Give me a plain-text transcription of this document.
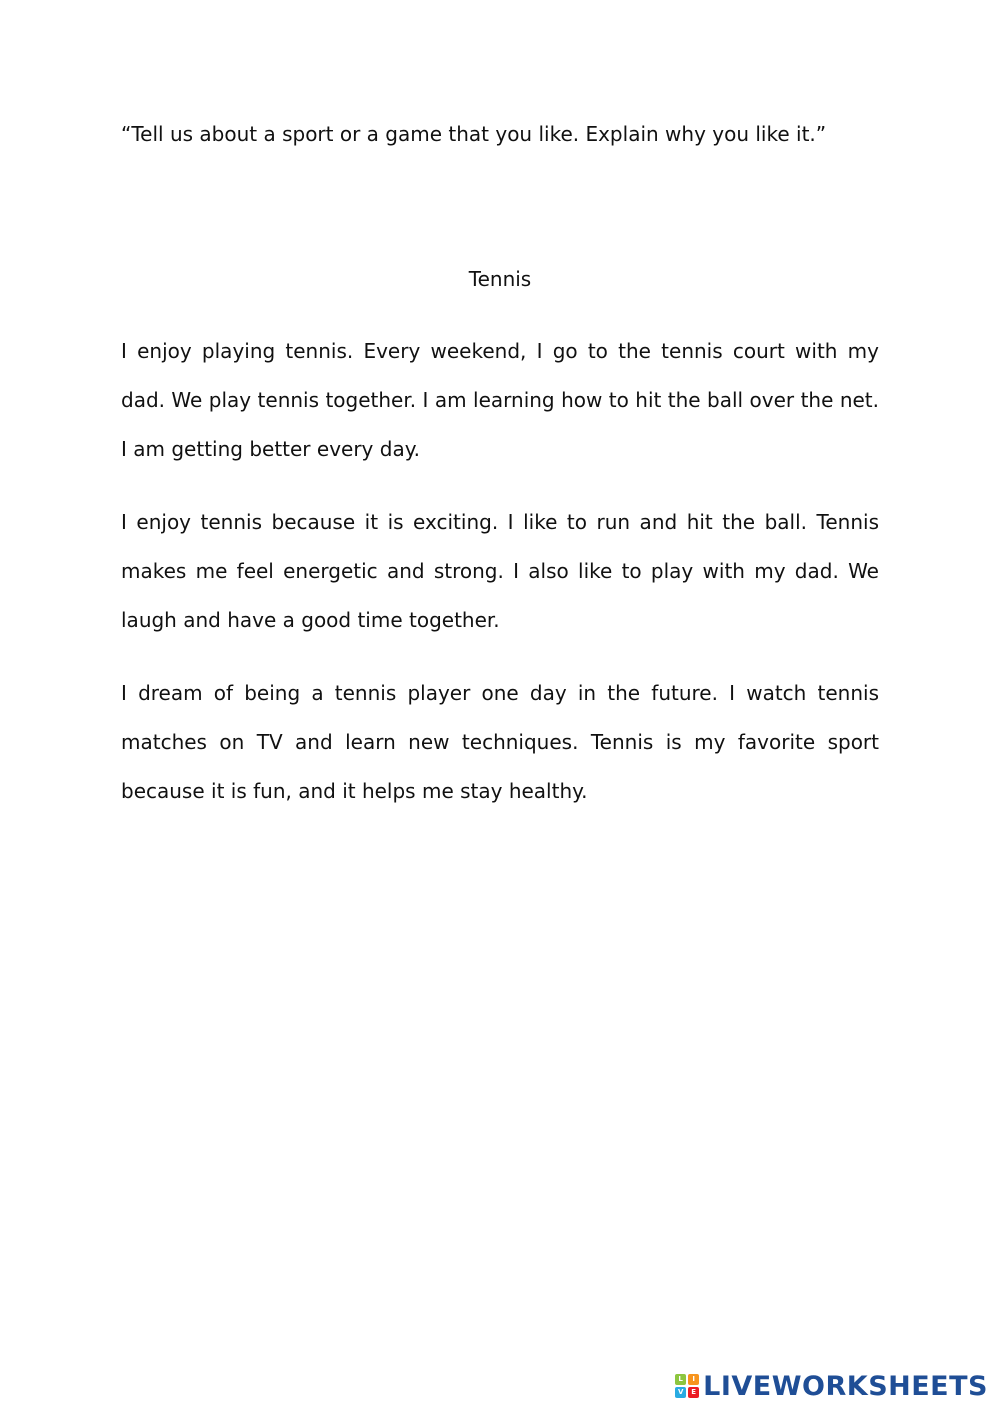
“Tell us about a sport or a game that you like. Explain why you like it.”

Tennis

I enjoy playing tennis. Every weekend, I go to the tennis court with my dad. We play tennis together. I am learning how to hit the ball over the net. I am getting better every day.

I enjoy tennis because it is exciting. I like to run and hit the ball. Tennis makes me feel energetic and strong. I also like to play with my dad. We laugh and have a good time together.

I dream of being a tennis player one day in the future. I watch tennis matches on TV and learn new techniques. Tennis is my favorite sport because it is fun, and it helps me stay healthy.

L	I
V	E LIVEWORKSHEETS
